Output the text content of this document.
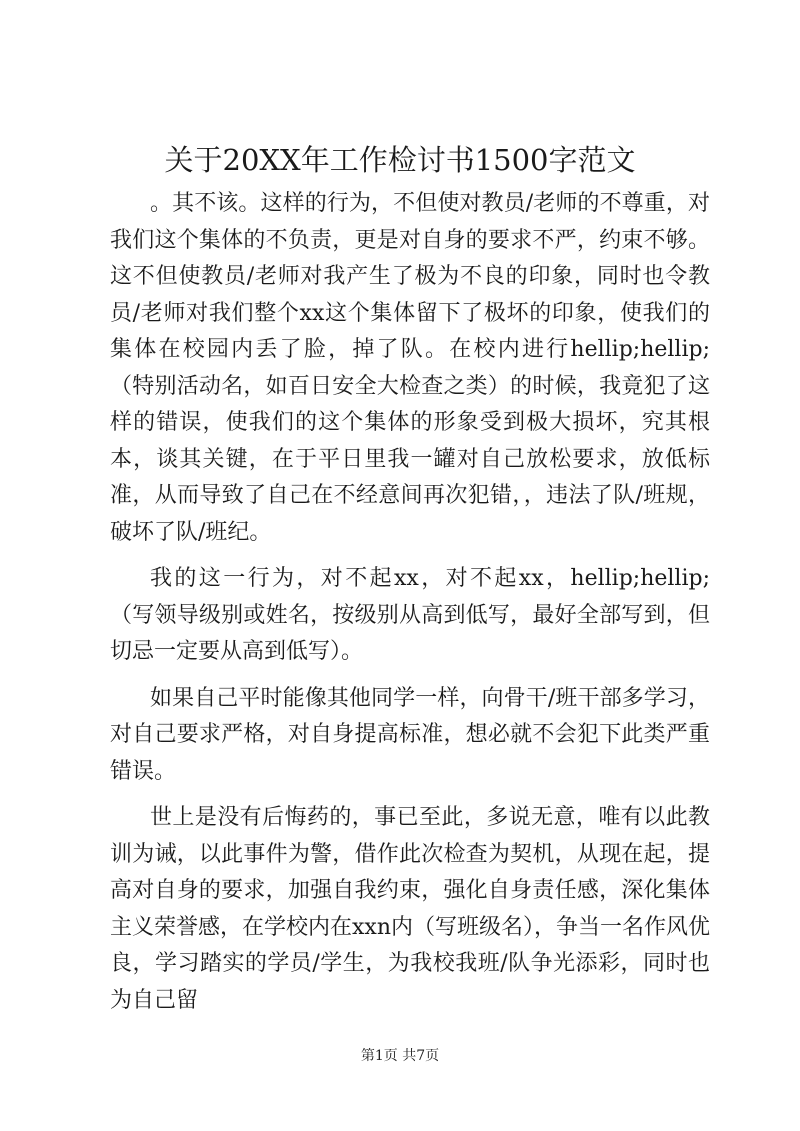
关于20XX年工作检讨书1500字范文

。其不该。这样的行为，不但使对教员/老师的不尊重，对我们这个集体的不负责，更是对自身的要求不严，约束不够。这不但使教员/老师对我产生了极为不良的印象，同时也令教员/老师对我们整个xx这个集体留下了极坏的印象，使我们的集体在校园内丢了脸，掉了队。在校内进行hellip;hellip;（特别活动名，如百日安全大检查之类）的时候，我竟犯了这样的错误，使我们的这个集体的形象受到极大损坏，究其根本，谈其关键，在于平日里我一罐对自己放松要求，放低标准，从而导致了自己在不经意间再次犯错，，违法了队/班规，破坏了队/班纪。

我的这一行为，对不起xx，对不起xx，hellip;hellip;（写领导级别或姓名，按级别从高到低写，最好全部写到，但切忌一定要从高到低写）。

如果自己平时能像其他同学一样，向骨干/班干部多学习，对自己要求严格，对自身提高标准，想必就不会犯下此类严重错误。

世上是没有后悔药的，事已至此，多说无意，唯有以此教训为诫，以此事件为警，借作此次检查为契机，从现在起，提高对自身的要求，加强自我约束，强化自身责任感，深化集体主义荣誉感，在学校内在xxn内（写班级名），争当一名作风优良，学习踏实的学员/学生，为我校我班/队争光添彩，同时也为自己留

第1页 共7页
